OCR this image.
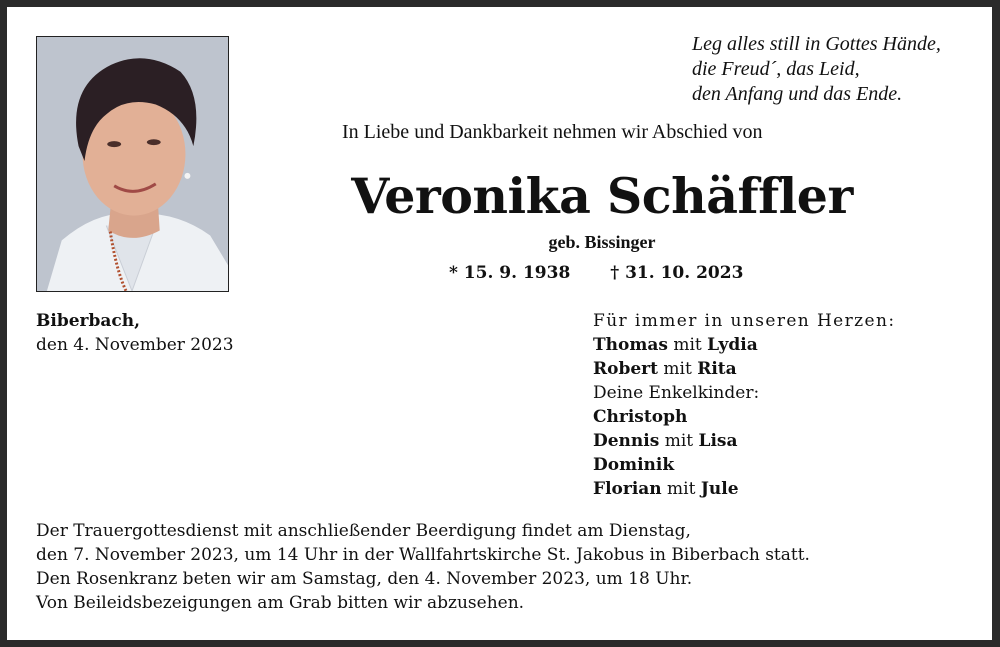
Leg alles still in Gottes Hände,
die Freud´, das Leid,
den Anfang und das Ende.
In Liebe und Dankbarkeit nehmen wir Abschied von
Veronika Schäffler
geb. Bissinger
* 15. 9. 1938 † 31. 10. 2023
Biberbach,
den 4. November 2023
Für immer in unseren Herzen:
Thomas mit Lydia
Robert mit Rita
Deine Enkelkinder:
Christoph
Dennis mit Lisa
Dominik
Florian mit Jule
Der Trauergottesdienst mit anschließender Beerdigung findet am Dienstag,
den 7. November 2023, um 14 Uhr in der Wallfahrtskirche St. Jakobus in Biberbach statt.
Den Rosenkranz beten wir am Samstag, den 4. November 2023, um 18 Uhr.
Von Beileidsbezeigungen am Grab bitten wir abzusehen.
